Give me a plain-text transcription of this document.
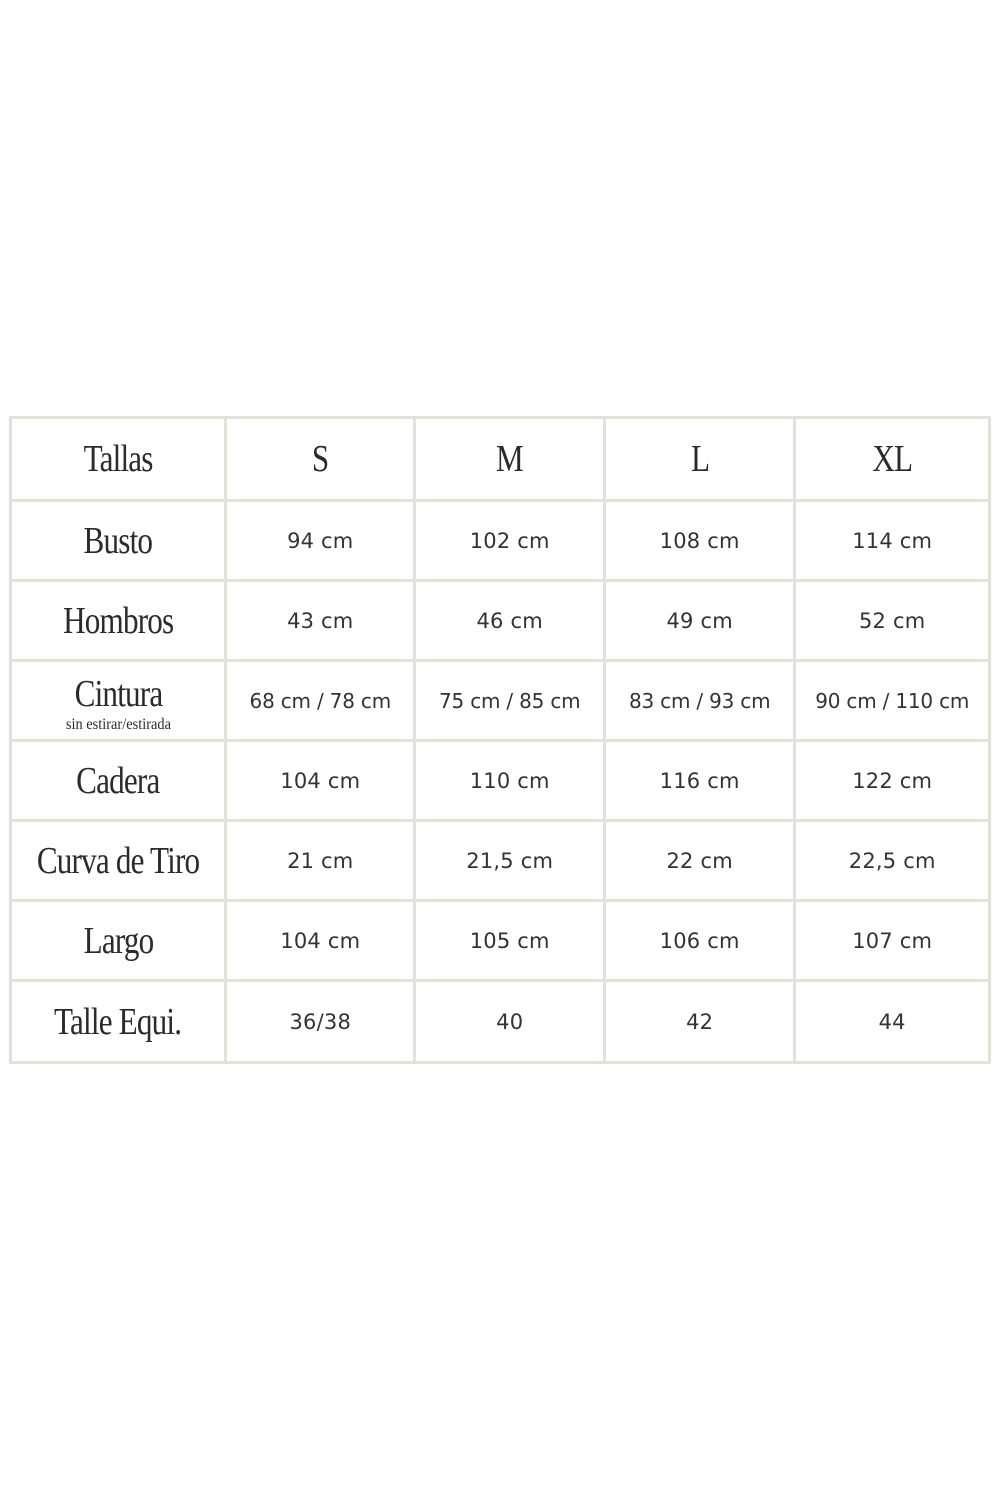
Tallas	S	M	L	XL
Busto	94 cm	102 cm	108 cm	114 cm
Hombros	43 cm	46 cm	49 cm	52 cm
Cintura
sin estirar/estirada	68 cm / 78 cm	75 cm / 85 cm	83 cm / 93 cm	90 cm / 110 cm
Cadera	104 cm	110 cm	116 cm	122 cm
Curva de Tiro	21 cm	21,5 cm	22 cm	22,5 cm
Largo	104 cm	105 cm	106 cm	107 cm
Talle Equi.	36/38	40	42	44
